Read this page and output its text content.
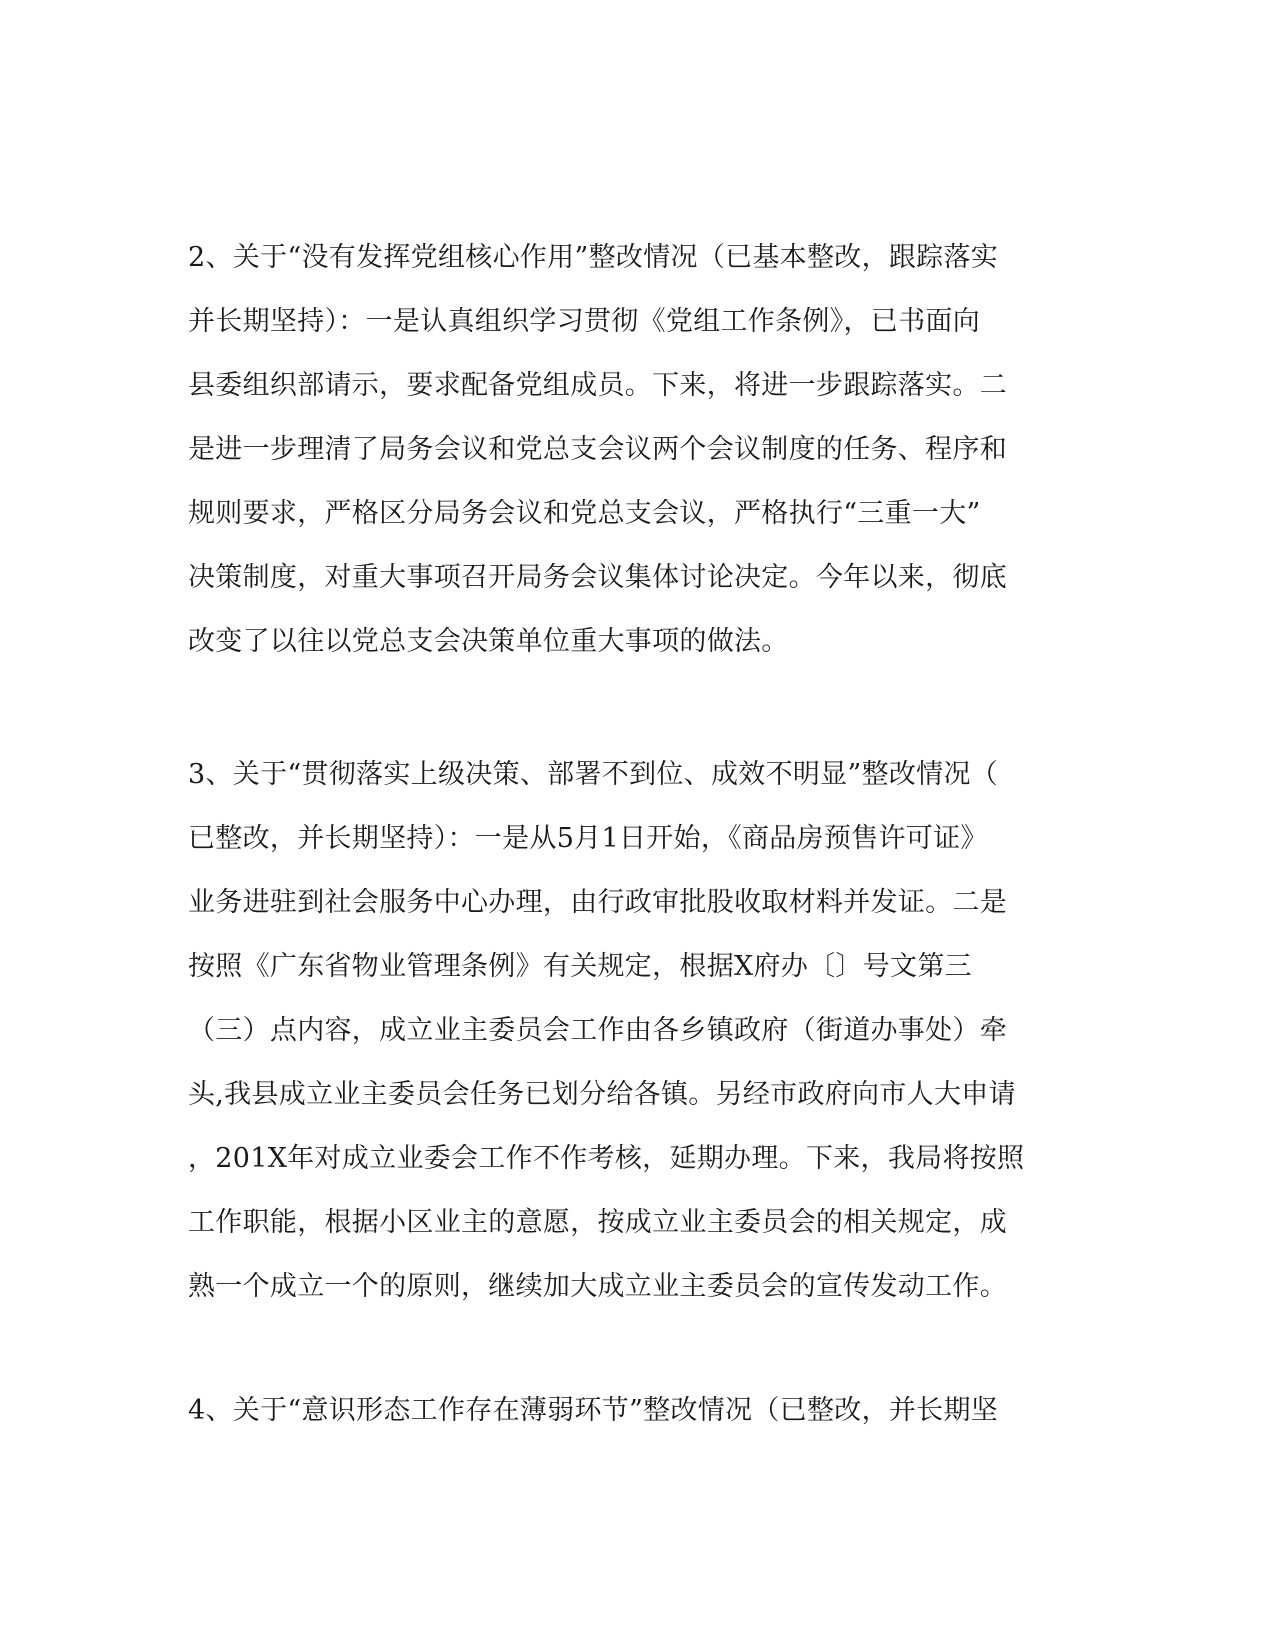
2、关于“没有发挥党组核心作用”整改情况（已基本整改，跟踪落实
并长期坚持）：一是认真组织学习贯彻《党组工作条例》，已书面向
县委组织部请示，要求配备党组成员。下来，将进一步跟踪落实。二
是进一步理清了局务会议和党总支会议两个会议制度的任务、程序和
规则要求，严格区分局务会议和党总支会议，严格执行“三重一大”
决策制度，对重大事项召开局务会议集体讨论决定。今年以来，彻底
改变了以往以党总支会决策单位重大事项的做法。
3、关于“贯彻落实上级决策、部署不到位、成效不明显”整改情况（
已整改，并长期坚持）：一是从5月1日开始，《商品房预售许可证》
业务进驻到社会服务中心办理，由行政审批股收取材料并发证。二是
按照《广东省物业管理条例》有关规定，根据X府办〔〕号文第三
（三）点内容，成立业主委员会工作由各乡镇政府（街道办事处）牵
头,我县成立业主委员会任务已划分给各镇。另经市政府向市人大申请
，201X年对成立业委会工作不作考核，延期办理。下来，我局将按照
工作职能，根据小区业主的意愿，按成立业主委员会的相关规定，成
熟一个成立一个的原则，继续加大成立业主委员会的宣传发动工作。
4、关于“意识形态工作存在薄弱环节”整改情况（已整改，并长期坚
